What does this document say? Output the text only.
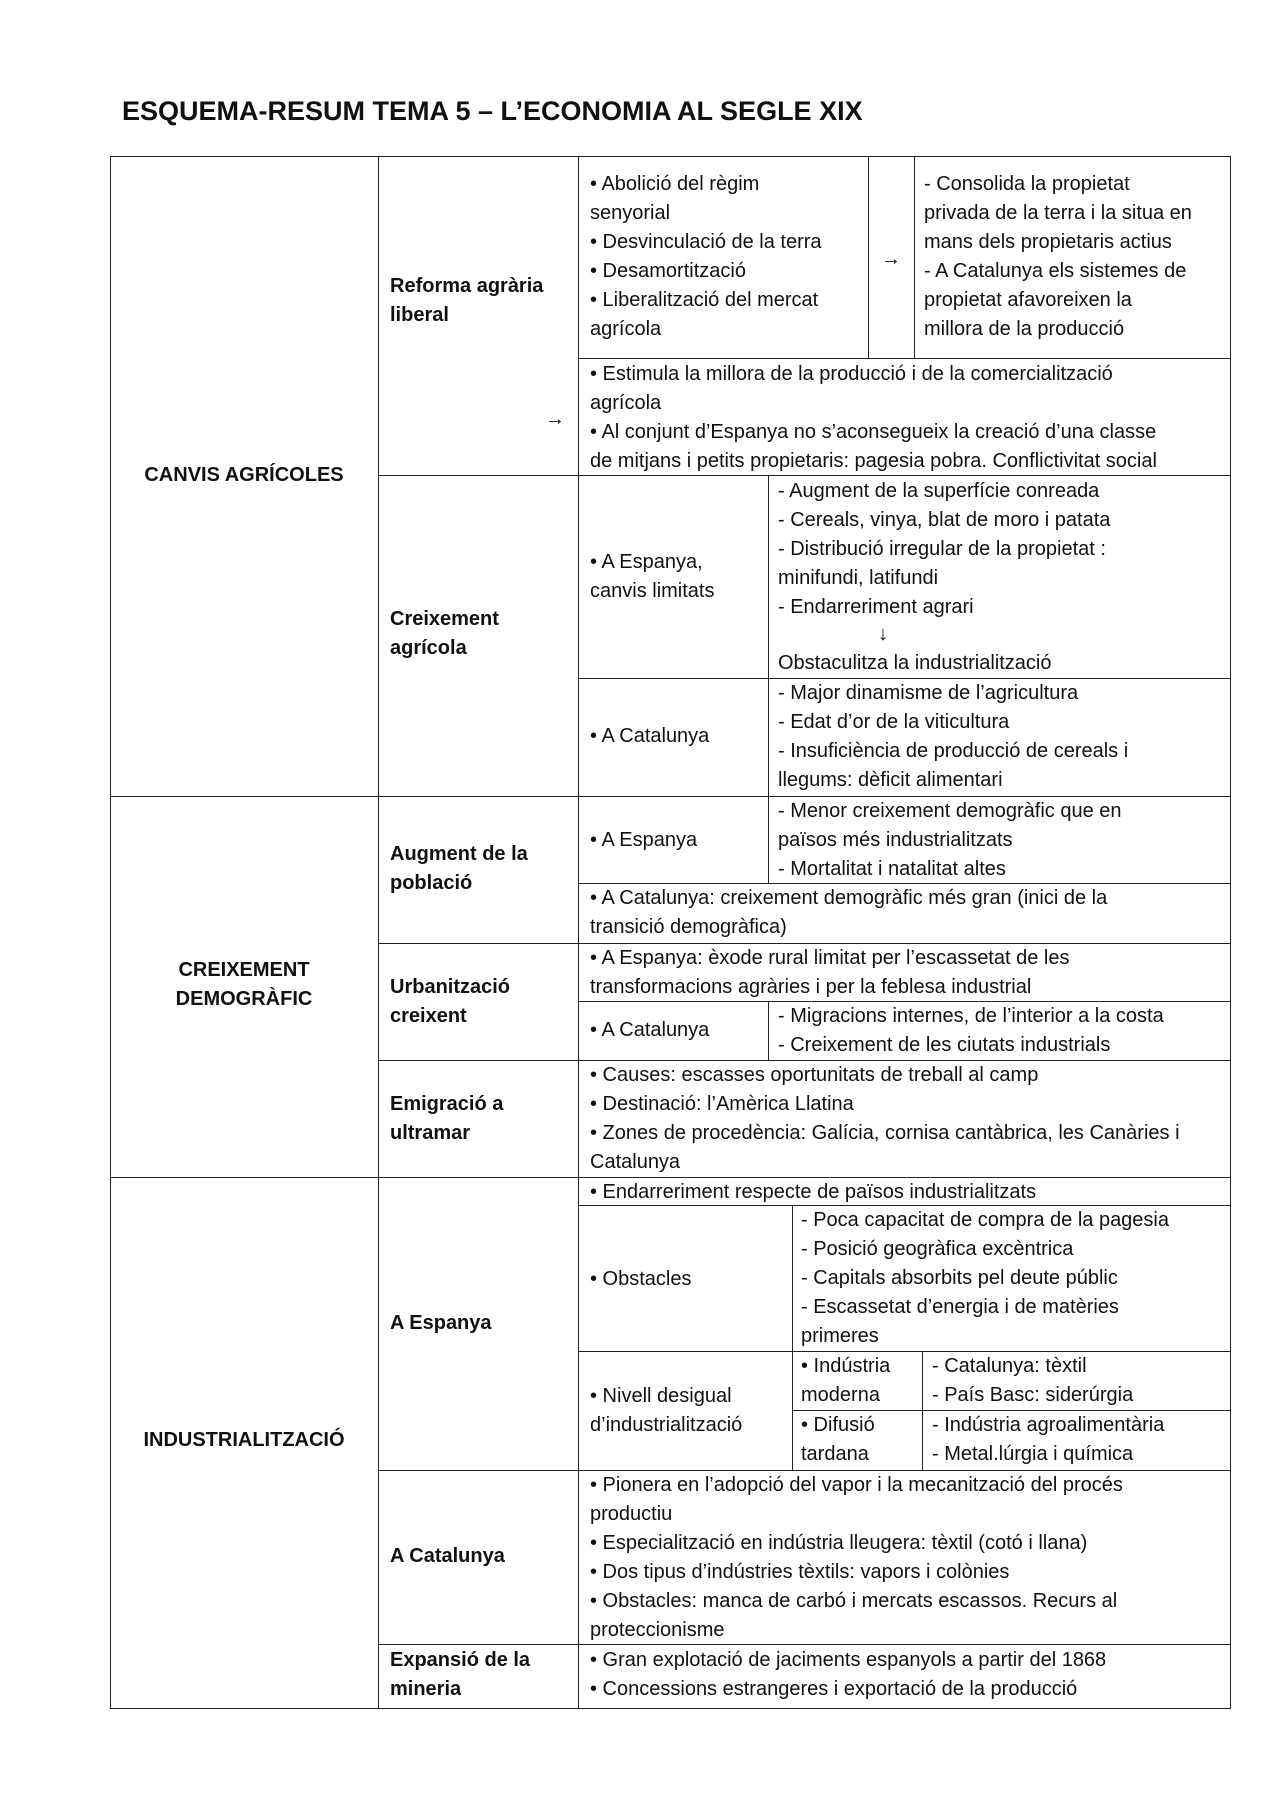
ESQUEMA-RESUM TEMA 5 – L’ECONOMIA AL SEGLE XIX
CANVIS AGRÍCOLES
Reforma agrària
liberal
→
• Abolició del règim
senyorial
• Desvinculació de la terra
• Desamortització
• Liberalització del mercat
agrícola
→
- Consolida la propietat
privada de la terra i la situa en
mans dels propietaris actius
- A Catalunya els sistemes de
propietat afavoreixen la
millora de la producció
• Estimula la millora de la producció i de la comercialització
agrícola
• Al conjunt d’Espanya no s’aconsegueix la creació d’una classe
de mitjans i petits propietaris: pagesia pobra. Conflictivitat social
Creixement
agrícola
• A Espanya,
canvis limitats
- Augment de la superfície conreada
- Cereals, vinya, blat de moro i patata
- Distribució irregular de la propietat :
minifundi, latifundi
- Endarreriment agrari
↓
Obstaculitza la industrialització
• A Catalunya
- Major dinamisme de l’agricultura
- Edat d’or de la viticultura
- Insuficiència de producció de cereals i
llegums: dèficit alimentari
CREIXEMENT
DEMOGRÀFIC
Augment de la
població
• A Espanya
- Menor creixement demogràfic que en
països més industrialitzats
- Mortalitat i natalitat altes
• A Catalunya: creixement demogràfic més gran (inici de la
transició demogràfica)
Urbanització
creixent
• A Espanya: èxode rural limitat per l’escassetat de les
transformacions agràries i per la feblesa industrial
• A Catalunya
- Migracions internes, de l’interior a la costa
- Creixement de les ciutats industrials
Emigració a
ultramar
• Causes: escasses oportunitats de treball al camp
• Destinació: l’Amèrica Llatina
• Zones de procedència: Galícia, cornisa cantàbrica, les Canàries i
Catalunya
INDUSTRIALITZACIÓ
A Espanya
• Endarreriment respecte de països industrialitzats
• Obstacles
- Poca capacitat de compra de la pagesia
- Posició geogràfica excèntrica
- Capitals absorbits pel deute públic
- Escassetat d’energia i de matèries
primeres
• Nivell desigual
d’industrialització
• Indústria
moderna
- Catalunya: tèxtil
- País Basc: siderúrgia
• Difusió
tardana
- Indústria agroalimentària
- Metal.lúrgia i química
A Catalunya
• Pionera en l’adopció del vapor i la mecanització del procés
productiu
• Especialització en indústria lleugera: tèxtil (cotó i llana)
• Dos tipus d’indústries tèxtils: vapors i colònies
• Obstacles: manca de carbó i mercats escassos. Recurs al
proteccionisme
Expansió de la
mineria
• Gran explotació de jaciments espanyols a partir del 1868
• Concessions estrangeres i exportació de la producció
